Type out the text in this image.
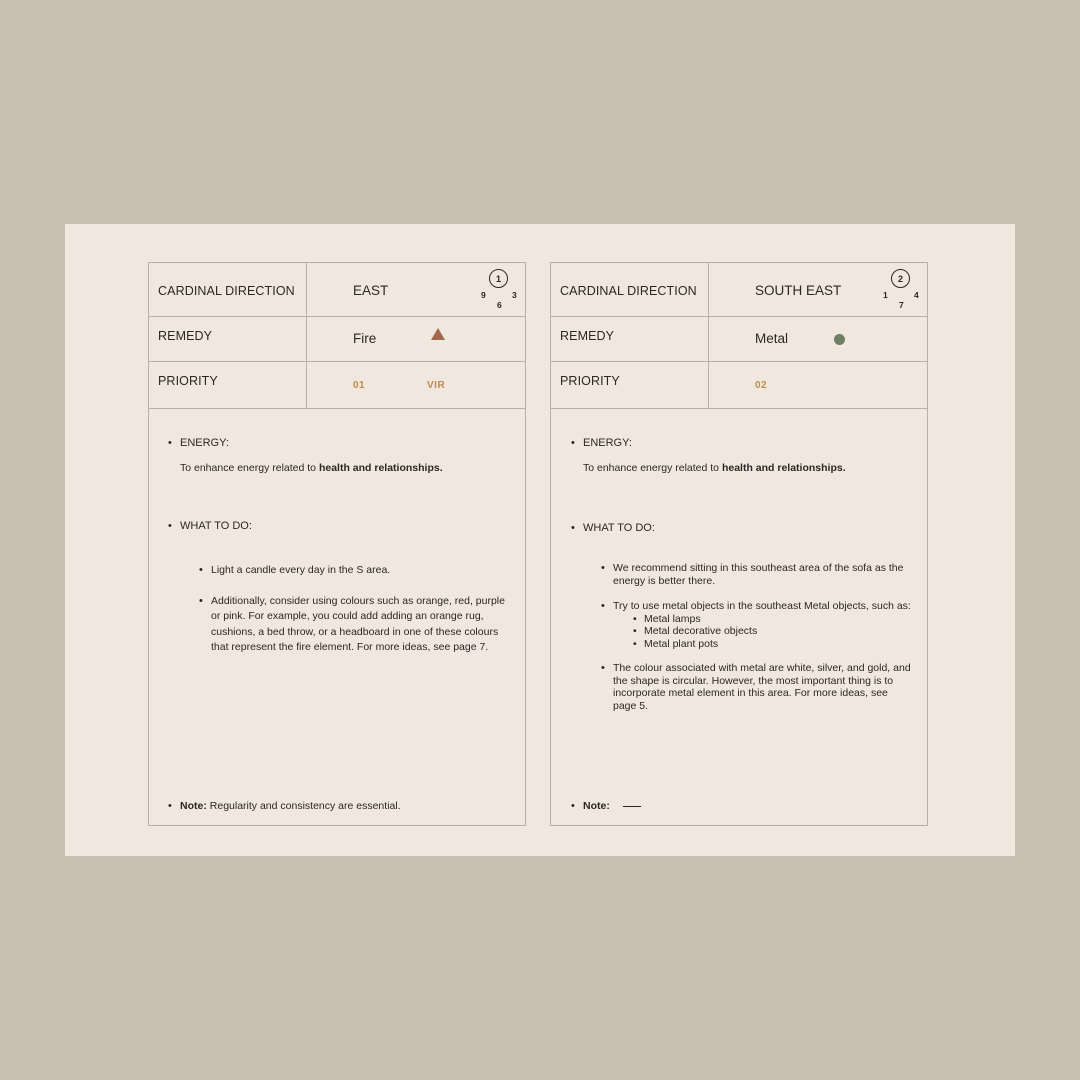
CARDINAL DIRECTION	EAST
1
9	3
6
REMEDY	Fire
PRIORITY	01	VIR
• ENERGY:
To enhance energy related to health and relationships.
• WHAT TO DO:
• Light a candle every day in the S area.
• Additionally, consider using colours such as orange, red, purple or pink. For example, you could add adding an orange rug, cushions, a bed throw, or a headboard in one of these colours that represent the fire element. For more ideas, see page 7.
• Note: Regularity and consistency are essential.
CARDINAL DIRECTION	SOUTH EAST
2
1	4
7
REMEDY	Metal
PRIORITY	02
• ENERGY:
To enhance energy related to health and relationships.
• WHAT TO DO:
• We recommend sitting in this southeast area of the sofa as the energy is better there.
• Try to use metal objects in the southeast Metal objects, such as:
• Metal lamps
• Metal decorative objects
• Metal plant pots
• The colour associated with metal are white, silver, and gold, and the shape is circular. However, the most important thing is to incorporate metal element in this area. For more ideas, see page 5.
• Note:
